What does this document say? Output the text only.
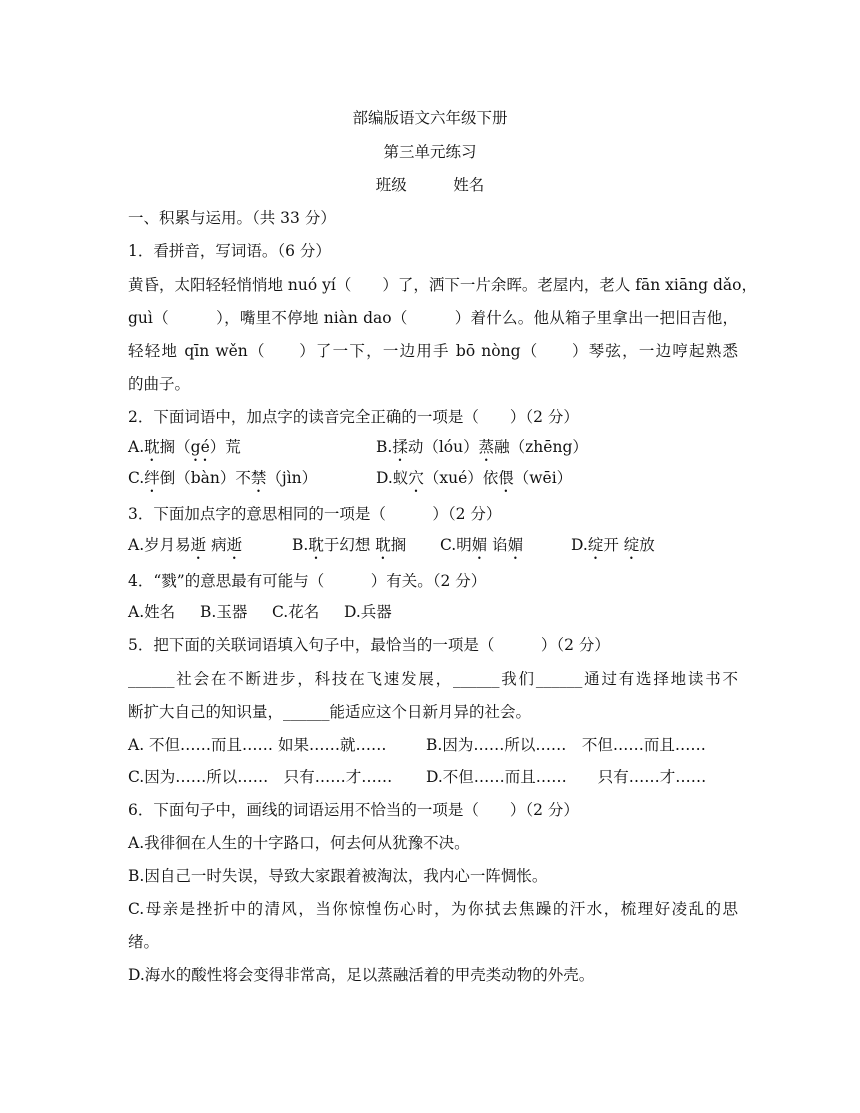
部编版语文六年级下册
第三单元练习
班级　　　姓名
一、积累与运用。（共 33 分）
1．看拼音，写词语。（6 分）
黄昏，太阳轻轻悄悄地 nuó yí（　　）了，洒下一片余晖。老屋内，老人 fān xiāng dǎo，
guì（　　　），嘴里不停地 niàn dao（　　　）着什么。他从箱子里拿出一把旧吉他，
轻轻地 qīn wěn（　　）了一下，一边用手 bō nòng（　　）琴弦，一边哼起熟悉
的曲子。
2．下面词语中，加点字的读音完全正确的一项是（　　）（2 分）
A.耽搁（gé）荒	B.揉动（lóu）蒸融（zhēng）
C.绊倒（bàn）不禁（jìn）	D.蚁穴（xué）依偎（wēi）
3．下面加点字的意思相同的一项是（　　　）（2 分）
A.岁月易逝 病逝	B.耽于幻想 耽搁 C.明媚 谄媚	D.绽开 绽放
4．“戮”的意思最有可能与（　　　）有关。（2 分）
A.姓名 B.玉器 C.花名 D.兵器
5．把下面的关联词语填入句子中，最恰当的一项是（　　　）（2 分）
______社会在不断进步，科技在飞速发展，______我们______通过有选择地读书不
断扩大自己的知识量，______能适应这个日新月异的社会。
A. 不但……而且…… 如果……就……	B.因为……所以……　不但……而且……
C.因为……所以……　只有……才…… D.不但……而且……　　只有……才……
6．下面句子中，画线的词语运用不恰当的一项是（　　）（2 分）
A.我徘徊在人生的十字路口，何去何从犹豫不决。
B.因自己一时失误，导致大家跟着被淘汰，我内心一阵惆怅。
C.母亲是挫折中的清风，当你惊惶伤心时，为你拭去焦躁的汗水，梳理好凌乱的思
绪。
D.海水的酸性将会变得非常高，足以蒸融活着的甲壳类动物的外壳。
